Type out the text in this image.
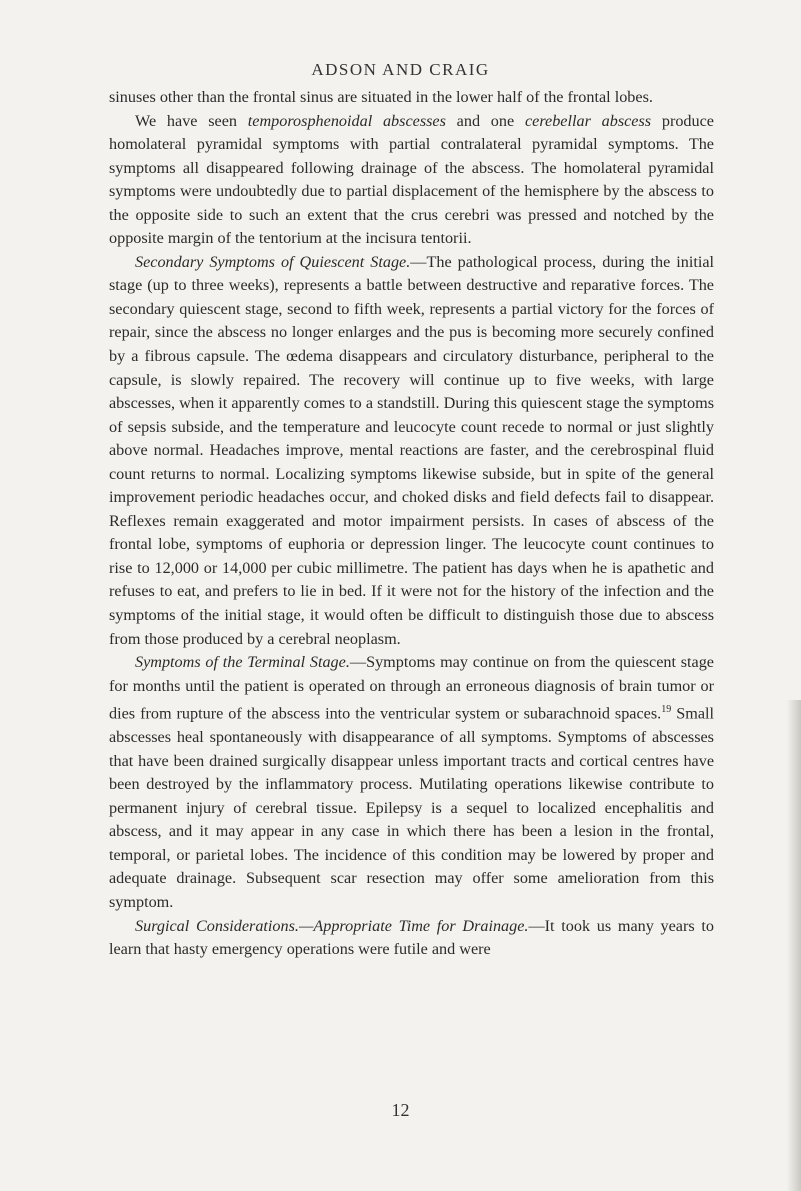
ADSON AND CRAIG

sinuses other than the frontal sinus are situated in the lower half of the frontal lobes.

We have seen temporosphenoidal abscesses and one cerebellar abscess produce homolateral pyramidal symptoms with partial contralateral pyramidal symptoms. The symptoms all disappeared following drainage of the abscess. The homolateral pyramidal symptoms were undoubtedly due to partial displacement of the hemisphere by the abscess to the opposite side to such an extent that the crus cerebri was pressed and notched by the opposite margin of the tentorium at the incisura tentorii.

Secondary Symptoms of Quiescent Stage.—The pathological process, during the initial stage (up to three weeks), represents a battle between destructive and reparative forces. The secondary quiescent stage, second to fifth week, represents a partial victory for the forces of repair, since the abscess no longer enlarges and the pus is becoming more securely confined by a fibrous capsule. The œdema disappears and circulatory disturbance, peripheral to the capsule, is slowly repaired. The recovery will continue up to five weeks, with large abscesses, when it apparently comes to a standstill. During this quiescent stage the symptoms of sepsis subside, and the temperature and leucocyte count recede to normal or just slightly above normal. Headaches improve, mental reactions are faster, and the cerebrospinal fluid count returns to normal. Localizing symptoms likewise subside, but in spite of the general improvement periodic headaches occur, and choked disks and field defects fail to disappear. Reflexes remain exaggerated and motor impairment persists. In cases of abscess of the frontal lobe, symptoms of euphoria or depression linger. The leucocyte count continues to rise to 12,000 or 14,000 per cubic millimetre. The patient has days when he is apathetic and refuses to eat, and prefers to lie in bed. If it were not for the history of the infection and the symptoms of the initial stage, it would often be difficult to distinguish those due to abscess from those produced by a cerebral neoplasm.

Symptoms of the Terminal Stage.—Symptoms may continue on from the quiescent stage for months until the patient is operated on through an erroneous diagnosis of brain tumor or dies from rupture of the abscess into the ventricular system or subarachnoid spaces.$^{19}$ Small abscesses heal spontaneously with disappearance of all symptoms. Symptoms of abscesses that have been drained surgically disappear unless important tracts and cortical centres have been destroyed by the inflammatory process. Mutilating operations likewise contribute to permanent injury of cerebral tissue. Epilepsy is a sequel to localized encephalitis and abscess, and it may appear in any case in which there has been a lesion in the frontal, temporal, or parietal lobes. The incidence of this condition may be lowered by proper and adequate drainage. Subsequent scar resection may offer some amelioration from this symptom.

Surgical Considerations.—Appropriate Time for Drainage.—It took us many years to learn that hasty emergency operations were futile and were

12
